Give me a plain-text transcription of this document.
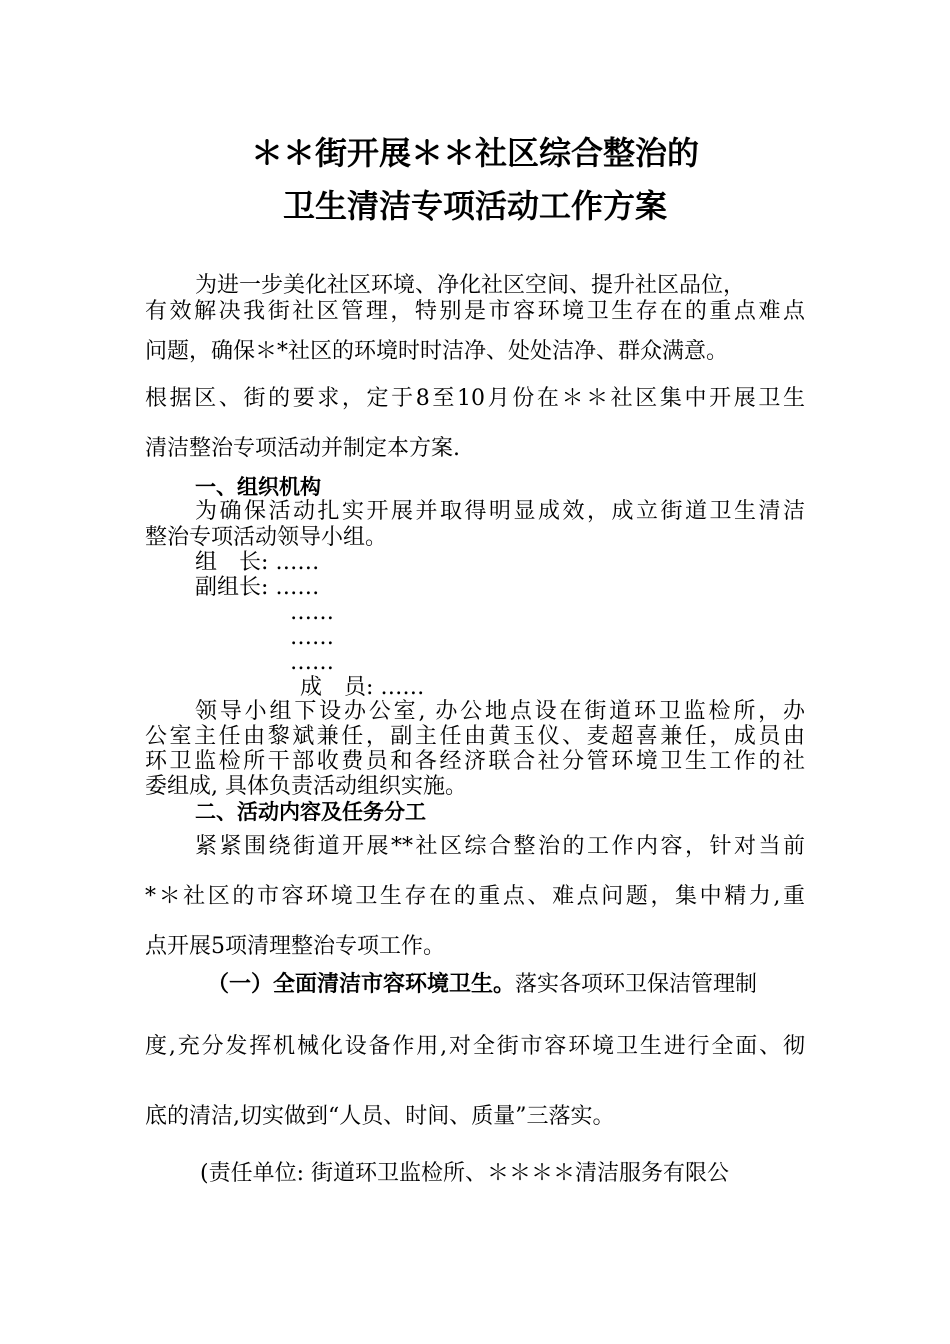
＊＊街开展＊＊社区综合整治的
卫生清洁专项活动工作方案
为进一步美化社区环境、净化社区空间、提升社区品位，
有效解决我街社区管理，特别是市容环境卫生存在的重点难点
问题，确保＊*社区的环境时时洁净、处处洁净、群众满意。
根据区、街的要求，定于8至10月份在＊＊社区集中开展卫生
清洁整治专项活动并制定本方案.
一、组织机构
为确保活动扎实开展并取得明显成效，成立街道卫生清洁
整治专项活动领导小组。
组　长: ……
副组长: ……
……
……
……
成　员: ……
领导小组下设办公室, 办公地点设在街道环卫监检所，办
公室主任由黎斌兼任，副主任由黄玉仪、麦超喜兼任，成员由
环卫监检所干部收费员和各经济联合社分管环境卫生工作的社
委组成, 具体负责活动组织实施。
二、活动内容及任务分工
紧紧围绕街道开展**社区综合整治的工作内容，针对当前
*＊社区的市容环境卫生存在的重点、难点问题，集中精力,重
点开展5项清理整治专项工作。
（一）全面清洁市容环境卫生。落实各项环卫保洁管理制
度,充分发挥机械化设备作用,对全街市容环境卫生进行全面、彻
底的清洁,切实做到“人员、时间、质量”三落实。
(责任单位: 街道环卫监检所、＊＊＊＊清洁服务有限公
